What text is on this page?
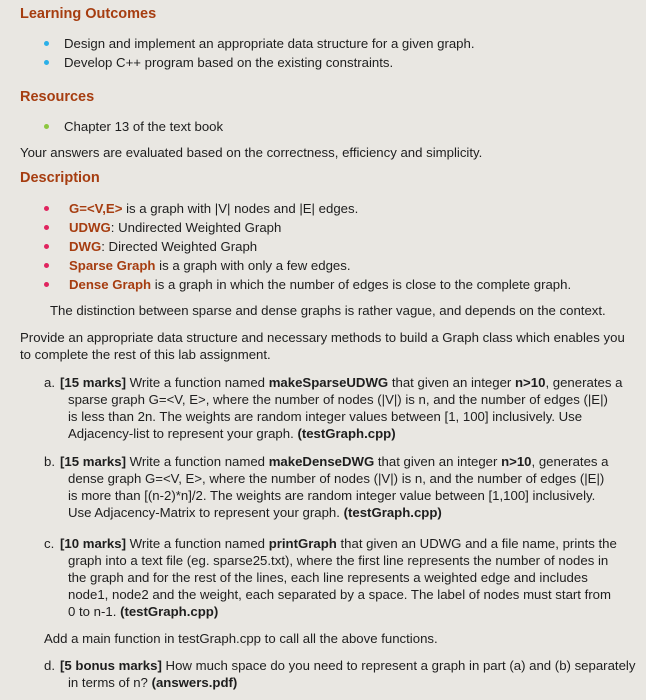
Learning Outcomes
Design and implement an appropriate data structure for a given graph.
Develop C++ program based on the existing constraints.
Resources
Chapter 13 of the text book
Your answers are evaluated based on the correctness, efficiency and simplicity.
Description
G=<V,E> is a graph with |V| nodes and |E| edges.
UDWG: Undirected Weighted Graph
DWG: Directed Weighted Graph
Sparse Graph is a graph with only a few edges.
Dense Graph is a graph in which the number of edges is close to the complete graph.
The distinction between sparse and dense graphs is rather vague, and depends on the context.
Provide an appropriate data structure and necessary methods to build a Graph class which enables you
to complete the rest of this lab assignment.
a. [15 marks] Write a function named makeSparseUDWG that given an integer n>10, generates a
sparse graph G=<V, E>, where the number of nodes (|V|) is n, and the number of edges (|E|)
is less than 2n. The weights are random integer values between [1, 100] inclusively. Use
Adjacency-list to represent your graph. (testGraph.cpp)
b. [15 marks] Write a function named makeDenseDWG that given an integer n>10, generates a
dense graph G=<V, E>, where the number of nodes (|V|) is n, and the number of edges (|E|)
is more than [(n-2)*n]/2. The weights are random integer value between [1,100] inclusively.
Use Adjacency-Matrix to represent your graph. (testGraph.cpp)
c. [10 marks] Write a function named printGraph that given an UDWG and a file name, prints the
graph into a text file (eg. sparse25.txt), where the first line represents the number of nodes in
the graph and for the rest of the lines, each line represents a weighted edge and includes
node1, node2 and the weight, each separated by a space. The label of nodes must start from
0 to n-1. (testGraph.cpp)
Add a main function in testGraph.cpp to call all the above functions.
d. [5 bonus marks] How much space do you need to represent a graph in part (a) and (b) separately
in terms of n? (answers.pdf)
